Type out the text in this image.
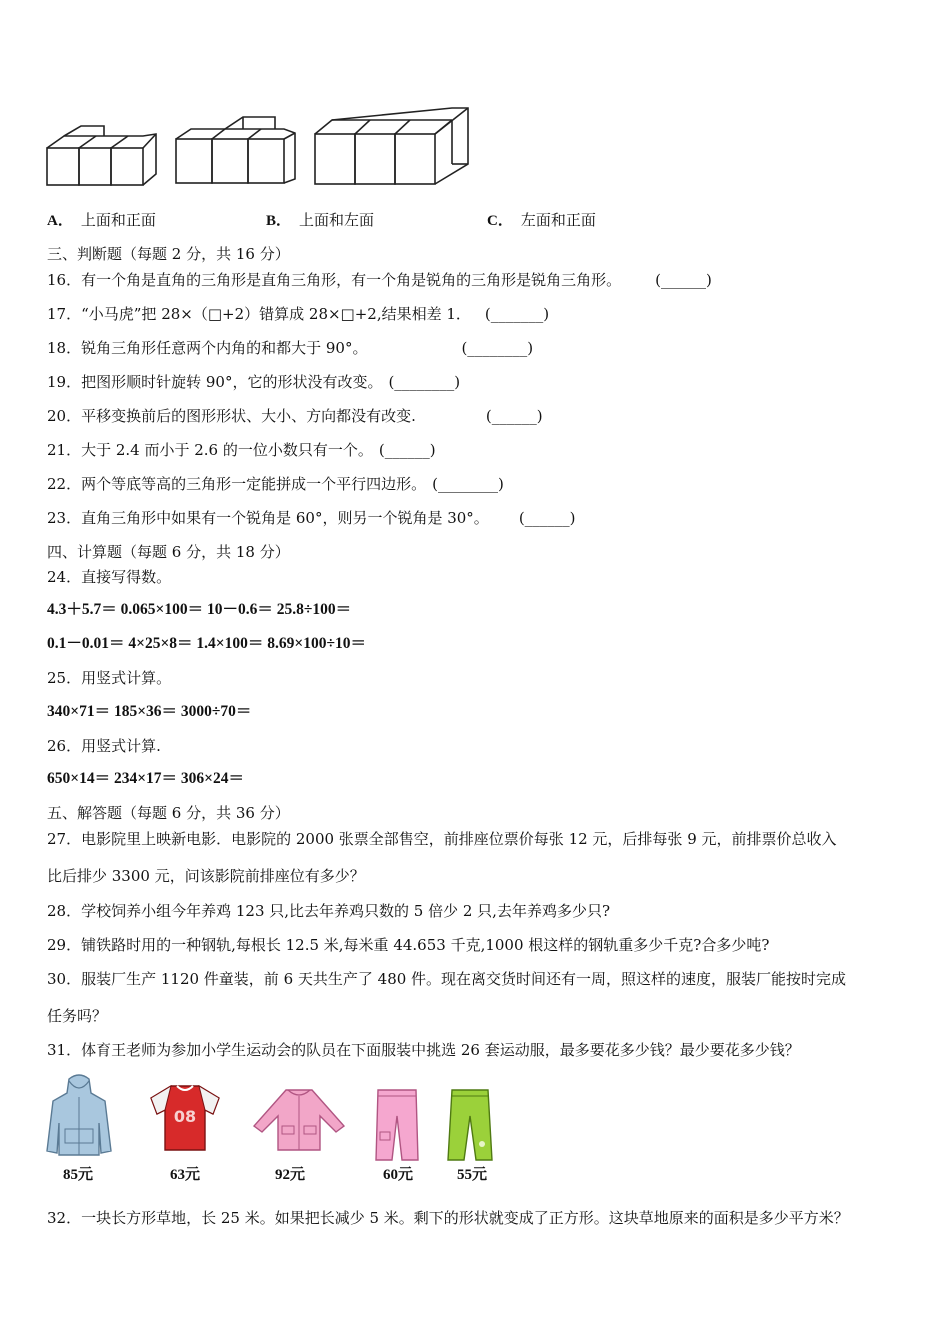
A． 上面和正面	B． 上面和左面	C． 左面和正面
三、判断题（每题 2 分，共 16 分）
16．有一个角是直角的三角形是直角三角形，有一个角是锐角的三角形是锐角三角形。 (______)
17．“小马虎”把 28×（□+2）错算成 28×□+2,结果相差 1． (_______)
18．锐角三角形任意两个内角的和都大于 90°。	(________)
19．把图形顺时针旋转 90°，它的形状没有改变。 (________)
20．平移变换前后的图形形状、大小、方向都没有改变.	(______)
21．大于 2.4 而小于 2.6 的一位小数只有一个。 (______)
22．两个等底等高的三角形一定能拼成一个平行四边形。 (________)
23．直角三角形中如果有一个锐角是 60°，则另一个锐角是 30°。 (______)
四、计算题（每题 6 分，共 18 分）
24．直接写得数。
4.3＋5.7＝ 0.065×100＝ 10－0.6＝ 25.8÷100＝
0.1－0.01＝ 4×25×8＝ 1.4×100＝ 8.69×100÷10＝
25．用竖式计算。
340×71＝ 185×36＝ 3000÷70＝
26．用竖式计算.
650×14＝ 234×17＝ 306×24＝
五、解答题（每题 6 分，共 36 分）
27．电影院里上映新电影．电影院的 2000 张票全部售空，前排座位票价每张 12 元，后排每张 9 元，前排票价总收入
比后排少 3300 元，问该影院前排座位有多少？
28．学校饲养小组今年养鸡 123 只,比去年养鸡只数的 5 倍少 2 只,去年养鸡多少只?
29．铺铁路时用的一种钢轨,每根长 12.5 米,每米重 44.653 千克,1000 根这样的钢轨重多少千克?合多少吨?
30．服装厂生产 1120 件童装，前 6 天共生产了 480 件。现在离交货时间还有一周，照这样的速度，服装厂能按时完成
任务吗？
31．体育王老师为参加小学生运动会的队员在下面服装中挑选 26 套运动服，最多要花多少钱？最少要花多少钱？
08
85元	63元	92元	60元	55元
32．一块长方形草地，长 25 米。如果把长减少 5 米。剩下的形状就变成了正方形。这块草地原来的面积是多少平方米？
